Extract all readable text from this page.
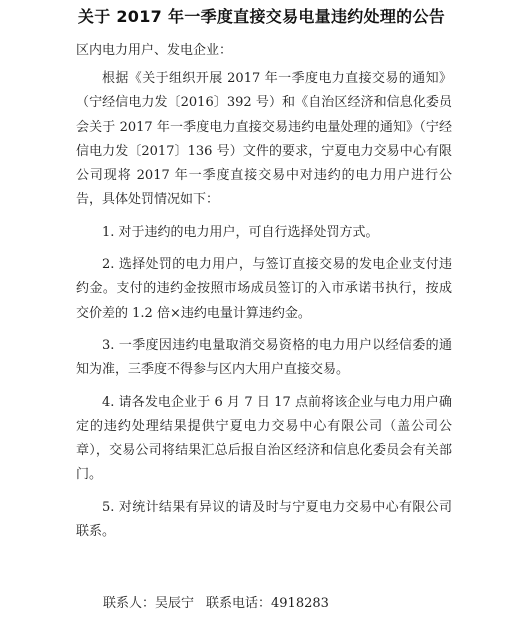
关于 2017 年一季度直接交易电量违约处理的公告
区内电力用户、发电企业：

根据《关于组织开展 2017 年一季度电力直接交易的通知》（宁经信电力发〔2016〕392 号）和《自治区经济和信息化委员会关于 2017 年一季度电力直接交易违约电量处理的通知》（宁经信电力发〔2017〕136 号）文件的要求，宁夏电力交易中心有限公司现将 2017 年一季度直接交易中对违约的电力用户进行公告，具体处罚情况如下：

1. 对于违约的电力用户，可自行选择处罚方式。

2. 选择处罚的电力用户，与签订直接交易的发电企业支付违约金。支付的违约金按照市场成员签订的入市承诺书执行，按成交价差的 1.2 倍×违约电量计算违约金。

3. 一季度因违约电量取消交易资格的电力用户以经信委的通知为准，三季度不得参与区内大用户直接交易。

4. 请各发电企业于 6 月 7 日 17 点前将该企业与电力用户确定的违约处理结果提供宁夏电力交易中心有限公司（盖公司公章），交易公司将结果汇总后报自治区经济和信息化委员会有关部门。

5. 对统计结果有异议的请及时与宁夏电力交易中心有限公司联系。

联系人：吴辰宁 联系电话：4918283
